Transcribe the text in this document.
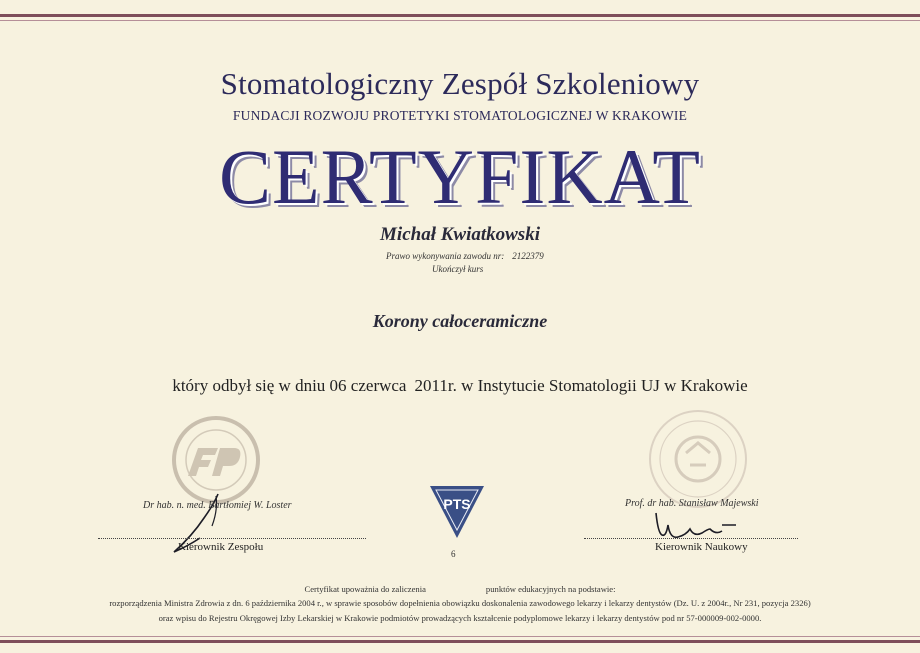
Stomatologiczny Zespół Szkoleniowy
FUNDACJI ROZWOJU PROTETYKI STOMATOLOGICZNEJ W KRAKOWIE
CERTYFIKAT
Michał Kwiatkowski
Prawo wykonywania zawodu nr: 2122379
Ukończył kurs
Korony całoceramiczne
który odbył się w dniu 06 czerwca 2011r. w Instytucie Stomatologii UJ w Krakowie
Dr hab. n. med. Bartłomiej W. Loster
Kierownik Zespołu
PTS
6
Prof. dr hab. Stanisław Majewski
Kierownik Naukowy
Certyfikat upoważnia do zaliczenia	punktów edukacyjnych na podstawie:
rozporządzenia Ministra Zdrowia z dn. 6 października 2004 r., w sprawie sposobów dopełnienia obowiązku doskonalenia zawodowego lekarzy i lekarzy dentystów (Dz. U. z 2004r., Nr 231, pozycja 2326)
oraz wpisu do Rejestru Okręgowej Izby Lekarskiej w Krakowie podmiotów prowadzących kształcenie podyplomowe lekarzy i lekarzy dentystów pod nr 57-000009-002-0000.
